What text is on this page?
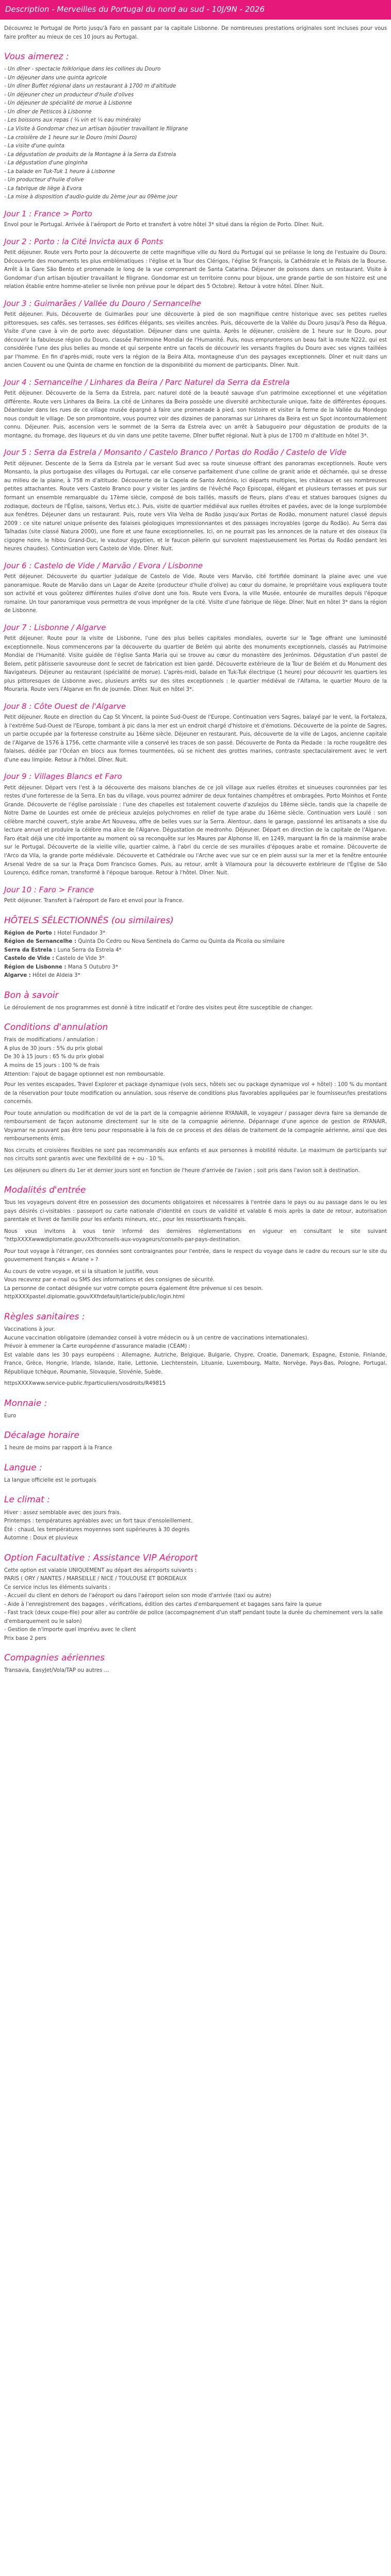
Description - Merveilles du Portugal du nord au sud - 10J/9N - 2026

Découvrez le Portugal de Porto jusqu'à Faro en passant par la capitale Lisbonne. De nombreuses prestations originales sont incluses pour vous faire profiter au mieux de ces 10 jours au Portugal.

Vous aimerez :
- Un dîner - spectacle folklorique dans les collines du Douro
- Un déjeuner dans une quinta agricole
- Un dîner Buffet régional dans un restaurant à 1700 m d'altitude
- Un déjeuner chez un producteur d'huile d'olives
- Un déjeuner de spécialité de morue à Lisbonne
- Un dîner de Petiscos à Lisbonne
- Les boissons aux repas ( ¼ vin et ¼ eau minérale)
- La Visite à Gondomar chez un artisan bijoutier travaillant le filigrane
- La croisière de 1 heure sur le Douro (mini Douro)
- La visite d'une quinta
- La dégustation de produits de la Montagne à la Serra da Estrela
- La dégustation d'une ginginha
- La balade en Tuk-Tuk 1 heure à Lisbonne
- Un producteur d'huile d'olive
- La fabrique de liège à Evora
- La mise à disposition d'audio-guide du 2ème jour au 09ème jour
Jour 1 : France > Porto

Envol pour le Portugal. Arrivée à l'aéroport de Porto et transfert à votre hôtel 3* situé dans la région de Porto. Dîner. Nuit.

Jour 2 : Porto : la Cité Invicta aux 6 Ponts

Petit déjeuner. Route vers Porto pour la découverte de cette magnifique ville du Nord du Portugal qui se prélasse le long de l'estuaire du Douro. Découverte des monuments les plus emblématiques : l'église et la Tour des Clérigos, l'église St François, la Cathédrale et le Palais de la Bourse. Arrêt à la Gare São Bento et promenade le long de la vue comprenant de Santa Catarina. Déjeuner de poissons dans un restaurant. Visite à Gondomar d'un artisan bijoutier travaillant le filigrane. Gondomar est un territoire connu pour bijoux, une grande partie de son histoire est une relation établie entre homme-atelier se livrée non prévue pour le départ des 5 Octobre). Retour à votre hôtel. Dîner. Nuit.

Jour 3 : Guimarães / Vallée du Douro / Sernancelhe

Petit déjeuner. Puis, Découverte de Guimarães pour une découverte à pied de son magnifique centre historique avec ses petites ruelles pittoresques, ses cafés, ses terrasses, ses édifices élégants, ses vieilles ancrées. Puis, découverte de la Vallée du Douro jusqu'à Peso da Régua. Visite d'une cave à vin de porto avec dégustation. Déjeuner dans une quinta. Après le déjeuner, croisière de 1 heure sur le Douro, pour découvrir la fabuleuse région du Douro, classée Patrimoine Mondial de l'Humanité. Puis, nous emprunterons un beau fait la route N222, qui est considérée l'une des plus belles au monde et qui serpente entre un facels de découvrir les versants fragiles du Douro avec ses vignes taillées par l'homme. En fin d'après-midi, route vers la région de la Beira Alta, montagneuse d'un des paysages exceptionnels. Dîner et nuit dans un ancien Couvent ou une Quinta de charme en fonction de la disponibilité du moment de participants. Dîner. Nuit.

Jour 4 : Sernancelhe / Linhares da Beira / Parc Naturel da Serra da Estrela

Petit déjeuner. Découverte de la Serra da Estrela, parc naturel doté de la beauté sauvage d'un patrimoine exceptionnel et une végétation différente. Route vers Linhares da Beira. La cité de Linhares da Beira possède une diversité architecturale unique, faite de différentes époques. Déambuler dans les rues de ce village musée épargné à faire une promenade à pied, son histoire et visiter la ferme de la Vallée du Mondego nous conduit le village. De son promontoire, vous pourrez voir des dizaines de panoramas sur Linhares da Beira est un Spot incontournablement connu. Déjeuner. Puis, ascension vers le sommet de la Serra da Estrela avec un arrêt à Sabugueiro pour dégustation de produits de la montagne, du fromage, des liqueurs et du vin dans une petite taverne. Dîner buffet régional. Nuit à plus de 1700 m d'altitude en hôtel 3*.

Jour 5 : Serra da Estrela / Monsanto / Castelo Branco / Portas do Rodão / Castelo de Vide

Petit déjeuner. Descente de la Serra da Estrela par le versant Sud avec sa route sinueuse offrant des panoramas exceptionnels. Route vers Monsanto, la plus portugaise des villages du Portugal, car elle conserve parfaitement d'une colline de granit aride et décharnée, qui se dresse au milieu de la plaine, à 758 m d'altitude. Découverte de la Capela de Santo António, ici départs multiples, les châteaux et ses nombreuses petites attachantes. Route vers Castelo Branco pour y visiter les jardins de l'évêché Paço Episcopal, élégant et plusieurs terrasses et puis sur formant un ensemble remarquable du 17ème siècle, composé de bois taillés, massifs de fleurs, plans d'eau et statues baroques (signes du zodiaque, docteurs de l'Église, saisons, Vertus etc.). Puis, visite de quartier médiéval aux ruelles étroites et pavées, avec de la longe surplombée aux fenêtres. Déjeuner dans un restaurant. Puis, route vers Vila Velha de Rodão jusqu'aux Portas de Rodão, monument naturel classé depuis 2009 : ce site naturel unique présente des falaises géologiques impressionnantes et des passages incroyables (gorge du Rodão). Au Serra das Talhadas (site classé Natura 2000), une flore et une faune exceptionnelles. Ici, on ne pourrait pas les annonces de la nature et des oiseaux (la cigogne noire, le hibou Grand-Duc, le vautour égyptien, et le faucon pèlerin qui survolent majestueusement les Portas du Rodão pendant les heures chaudes). Continuation vers Castelo de Vide. Dîner. Nuit.

Jour 6 : Castelo de Vide / Marvão / Evora / Lisbonne

Petit déjeuner. Découverte du quartier judaïque de Castelo de Vide. Route vers Marvão, cité fortifiée dominant la plaine avec une vue panoramique. Route de Marvão dans un Lagar de Azeite (producteur d'huile d'olive) au cœur du domaine, le propriétaire vous expliquera toute son activité et vous goûterez différentes huiles d'olive dont une fois. Route vers Evora, la ville Musée, entourée de murailles depuis l'époque romaine. Un tour panoramique vous permettra de vous imprégner de la cité. Visite d'une fabrique de liège. Dîner. Nuit en hôtel 3* dans la région de Lisbonne.

Jour 7 : Lisbonne / Algarve

Petit déjeuner. Route pour la visite de Lisbonne, l'une des plus belles capitales mondiales, ouverte sur le Tage offrant une luminosité exceptionnelle. Nous commencerons par la découverte du quartier de Belém qui abrite des monuments exceptionnels, classés au Patrimoine Mondial de l'Humanité. Visite guidée de l'église Santa Maria qui se trouve au cœur du monastère des Jerónimos. Dégustation d'un pastel de Belem, petit pâtisserie savoureuse dont le secret de fabrication est bien gardé. Découverte extérieure de la Tour de Belém et du Monument des Navigateurs. Déjeuner au restaurant (spécialité de morue). L'après-midi, balade en Tuk-Tuk électrique (1 heure) pour découvrir les quartiers les plus pittoresques de Lisbonne avec, plusieurs arrêts sur des sites exceptionnels : le quartier médiéval de l'Alfama, le quartier Mouro de la Mouraria. Route vers l'Algarve en fin de journée. Dîner. Nuit en hôtel 3*.

Jour 8 : Côte Ouest de l'Algarve

Petit déjeuner. Route en direction du Cap St Vincent, la pointe Sud-Ouest de l'Europe. Continuation vers Sagres, balayé par le vent, la Fortaleza, à l'extrême Sud-Ouest de l'Europe, tombant à pic dans la mer est un endroit chargé d'histoire et d'émotions. Découverte de la pointe de Sagres, un partie occupée par la forteresse construite au 16ème siècle. Déjeuner en restaurant. Puis, découverte de la ville de Lagos, ancienne capitale de l'Algarve de 1576 à 1756, cette charmante ville a conservé les traces de son passé. Découverte de Ponta da Piedade : la roche rougeâtre des falaises, dédiée par l'Océan en blocs aux formes tourmentées, où se nichent des grottes marines, contraste spectaculairement avec le vert d'une eau limpide. Retour à l'hôtel. Dîner. Nuit.

Jour 9 : Villages Blancs et Faro

Petit déjeuner. Départ vers l'est à la découverte des maisons blanches de ce joli village aux ruelles étroites et sinueuses couronnées par les restes d'une forteresse de la Serra. En bas du village, vous pourrez admirer de deux fontaines champêtres et ombragées. Porto Moinhos et Fonte Grande. Découverte de l'église paroissiale : l'une des chapelles est totalement couverte d'azulejos du 18ème siècle, tandis que la chapelle de Notre Dame de Lourdes est ornée de précieux azulejos polychromes en relief de type arabe du 16ème siècle. Continuation vers Loulé : son célèbre marché couvert, style arabe Art Nouveau, offre de belles vues sur la Serra. Alentour, dans le garage, passionné les artisanats a sise du lecture annuel et produire la célébre ma alice de l'Algarve. Dégustation de medronho. Déjeuner. Départ en direction de la capitale de l'Algarve. Faro était déjà une cité importante au moment où sa reconquête sur les Maures par Alphonse III, en 1249, marquant la fin de la mainmise arabe sur le Portugal. Découverte de la vieille ville, quartier calme, à l'abri du cercle de ses murailles d'époques arabe et romaine. Découverte de l'Arco da Vila, la grande porte médiévale. Découverte et Cathédrale ou l'Arche avec vue sur ce en plein aussi sur la mer et la fenêtre entourée Arsenal Vedre de sa sur la Praça Dom Francisco Gomes. Puis, au retour, arrêt à Vilamoura pour la découverte extérieure de l'Église de São Lourenço, édifice roman, transformé à l'époque baroque. Retour à l'hôtel. Dîner. Nuit.

Jour 10 : Faro > France

Petit déjeuner. Transfert à l'aéroport de Faro et envol pour la France.

HÔTELS SÉLECTIONNÉS (ou similaires)
Région de Porto : Hotel Fundador 3*
Région de Sernancelhe : Quinta Do Cedro ou Nova Sentinela do Carmo ou Quinta da Picoila ou similaire
Serra da Estrela : Luna Serra da Estrela 4*
Castelo de Vide : Castelo de Vide 3*
Région de Lisbonne : Mana 5 Outubro 3*
Algarve : Hôtel de Aldeia 3*
Bon à savoir

Le déroulement de nos programmes est donné à titre indicatif et l'ordre des visites peut être susceptible de changer.

Conditions d'annulation
Frais de modifications / annulation :
A plus de 30 jours : 5% du prix global
De 30 à 15 jours : 65 % du prix global
A moins de 15 jours : 100 % de frais
Attention: l'ajout de bagage optionnel est non remboursable.

Pour les ventes escapades, Travel Explorer et package dynamique (vols secs, hôtels sec ou package dynamique vol + hôtel) : 100 % du montant de la réservation pour toute modification ou annulation, sous réserve de conditions plus favorables appliquées par le fournisseur/les prestations concernés.

Pour toute annulation ou modification de vol de la part de la compagnie aérienne RYANAIR, le voyageur / passager devra faire sa demande de remboursement de façon autonome directement sur le site de la compagnie aérienne. Dépannage d'une agence de gestion de RYANAIR, Voyamar ne pouvant pas être tenu pour responsable à la fois de ce process et des délais de traitement de la compagnie aérienne, ainsi que des remboursements émis.

Nos circuits et croisières flexibles ne sont pas recommandés aux enfants et aux personnes à mobilité réduite. Le maximum de participants sur nos circuits sont garantis avec une flexibilité de + ou - 10 %.

Les déjeuners ou dîners du 1er et dernier jours sont en fonction de l'heure d'arrivée de l'avion ; soit pris dans l'avion soit à destination.

Modalités d'entrée

Tous les voyageurs doivent être en possession des documents obligatoires et nécessaires à l'entrée dans le pays ou au passage dans le ou les pays désirés ci-visitables : passeport ou carte nationale d'identité en cours de validité et valable 6 mois après la date de retour, autorisation parentale et livret de famille pour les enfants mineurs, etc., pour les ressortissants français.

Nous vous invitons à vous tenir informé des dernières réglementations en vigueur en consultant le site suivant "httpXXXXwwwdiplomatie.gouvXXfrconseils-aux-voyageurs/conseils-par-pays-destination.

Pour tout voyage à l'étranger, ces données sont contraignantes pour l'entrée, dans le respect du voyage dans le cadre du recours sur le site du gouvernement français « Ariane » ?

Au cours de votre voyage, et si la situation le justifie, vous
Vous recevrez par e-mail ou SMS des informations et des consignes de sécurité.
La personne de contact désignée sur votre compte pourra également être prévenue si ces besoin.
httpXXXXpastel.diplomatie.gouvXXfrdefault/iarticle/public/login.html
Règles sanitaires :
Vaccinations à jour.
Aucune vaccination obligatoire (demandez conseil à votre médecin ou à un centre de vaccinations internationales).
Prévoir à emmener la Carte européenne d'assurance maladie (CEAM) :

Est valable dans les 30 pays européens : Allemagne, Autriche, Belgique, Bulgarie, Chypre, Croatie, Danemark, Espagne, Estonie, Finlande, France, Grèce, Hongrie, Irlande, Islande, Italie, Lettonie, Liechtenstein, Lituanie, Luxembourg, Malte, Norvège, Pays-Bas, Pologne, Portugal, République tchèque, Roumanie, Slovaquie, Slovénie, Suède.

httpsXXXXwww.service-public.frparticuliers/vosdroits/R49815
Monnaie :
Euro
Décalage horaire
1 heure de moins par rapport à la France
Langue :
La langue officielle est le portugais
Le climat :
Hiver : assez semblable avec des jours frais.
Printemps : températures agréables avec un fort taux d'ensoleillement.
Été : chaud, les températures moyennes sont supérieures à 30 degrés
Automne : Doux et pluvieux
Option Facultative : Assistance VIP Aéroport
Cette option est valable UNIQUEMENT au départ des aéroports suivants :
PARIS ( ORY / NANTES / MARSEILLE / NICE / TOULOUSE ET BORDEAUX
Ce service inclus les éléments suivants :
- Accueil du client en dehors de l'aéroport ou dans l'aéroport selon son mode d'arrivée (taxi ou autre)
- Aide à l'enregistrement des bagages , vérifications, édition des cartes d'embarquement et bagages sans faire la queue
- Fast track (deux coupe-file) pour aller au contrôle de police (accompagnement d'un staff pendant toute la durée du cheminement vers la salle d'embarquement ou le salon)
- Gestion de n'importe quel imprévu avec le client
Prix base 2 pers
Compagnies aériennes
Transavia, EasyJet/Vola/TAP ou autres ...
